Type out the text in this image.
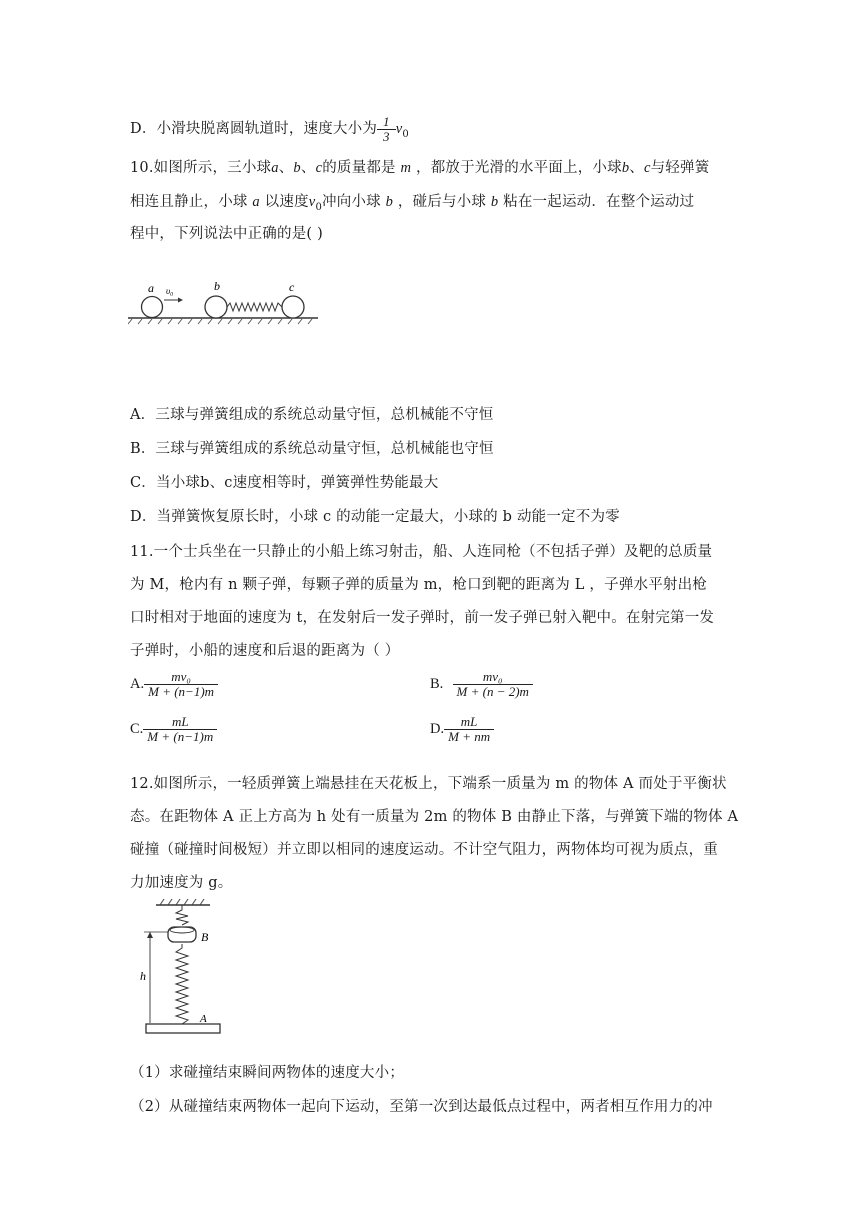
D．小滑块脱离圆轨道时，速度大小为 $\frac{1}{3} v_0$
10.如图所示，三小球a、b、c的质量都是 m ，都放于光滑的水平面上，小球b、c与轻弹簧
相连且静止，小球 a 以速度$v_0$冲向小球 b ，碰后与小球 b 粘在一起运动．在整个运动过
程中，下列说法中正确的是( )
a υ₀	b	c
A．三球与弹簧组成的系统总动量守恒，总机械能不守恒
B．三球与弹簧组成的系统总动量守恒，总机械能也守恒
C．当小球b、c速度相等时，弹簧弹性势能最大
D．当弹簧恢复原长时，小球 c 的动能一定最大，小球的 b 动能一定不为零
11.一个士兵坐在一只静止的小船上练习射击，船、人连同枪（不包括子弹）及靶的总质量
为 M，枪内有 n 颗子弹，每颗子弹的质量为 m，枪口到靶的距离为 L ，子弹水平射出枪
口时相对于地面的速度为 t，在发射后一发子弹时，前一发子弹已射入靶中。在射完第一发
子弹时，小船的速度和后退的距离为（ ）
A. $\frac{\text{mv₀}}{M + (n-1)m}$	B. $\frac{\text{mv₀}}{M + (n - 2)m}$
C. $\frac{mL}{M + (n-1)m}$	D. $\frac{mL}{M + nm}$
12.如图所示，一轻质弹簧上端悬挂在天花板上，下端系一质量为 m 的物体 A 而处于平衡状
态。在距物体 A 正上方高为 h 处有一质量为 2m 的物体 B 由静止下落，与弹簧下端的物体 A
碰撞（碰撞时间极短）并立即以相同的速度运动。不计空气阻力，两物体均可视为质点，重
力加速度为 g。
B
h
A
（1）求碰撞结束瞬间两物体的速度大小；
（2）从碰撞结束两物体一起向下运动，至第一次到达最低点过程中，两者相互作用力的冲
